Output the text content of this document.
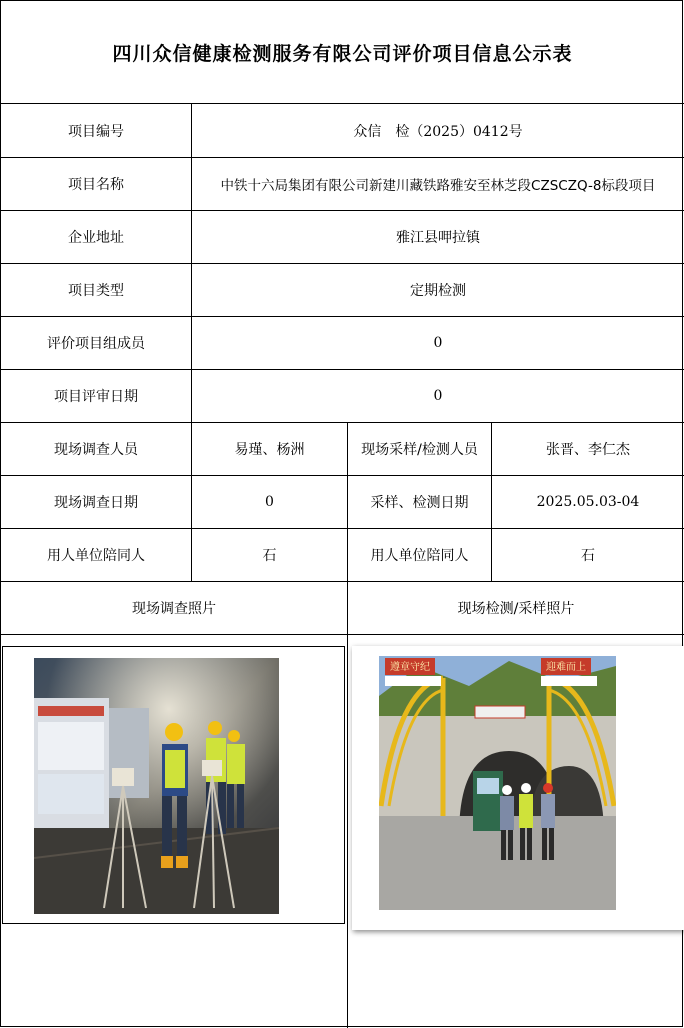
四川众信健康检测服务有限公司评价项目信息公示表
项目编号	众信　检（2025）0412号
项目名称	中铁十六局集团有限公司新建川藏铁路雅安至林芝段CZSCZQ-8标段项目
企业地址	雅江县呷拉镇
项目类型	定期检测
评价项目组成员	0
项目评审日期	0
现场调查人员	易瑾、杨洲	现场采样/检测人员	张晋、李仁杰
现场调查日期	0	采样、检测日期	2025.05.03-04
用人单位陪同人	石	用人单位陪同人	石
现场调查照片	现场检测/采样照片
遵章守纪	迎难而上
